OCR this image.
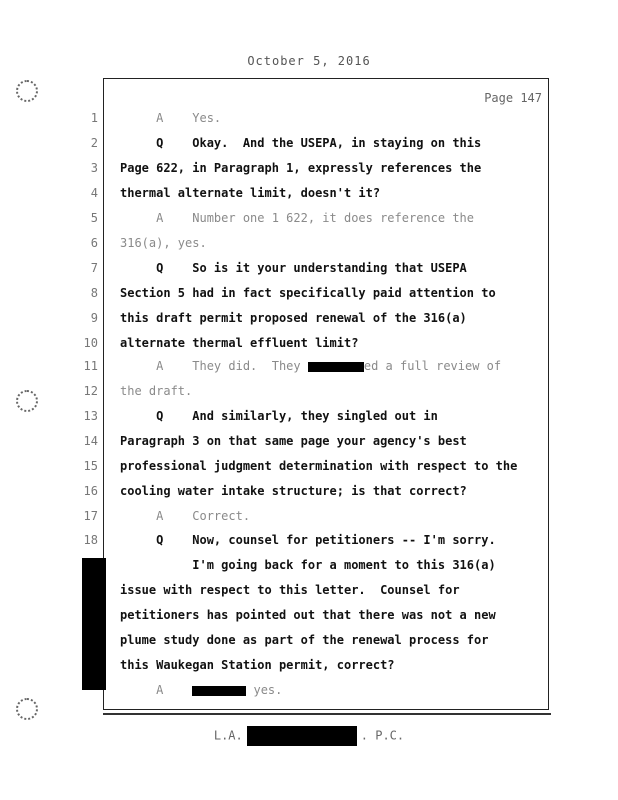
October 5, 2016
Page 147
1 A    Yes.
2 Q    Okay.  And the USEPA, in staying on this
3 Page 622, in Paragraph 1, expressly references the
4 thermal alternate limit, doesn't it?
5 A    Number one 1 622, it does reference the
6 316(a), yes.
7 Q    So is it your understanding that USEPA
8 Section 5 had in fact specifically paid attention to
9 this draft permit proposed renewal of the 316(a)
10 alternate thermal effluent limit?
11 A    They did.  They	ed a full review of
12 the draft.
13 Q    And similarly, they singled out in
14 Paragraph 3 on that same page your agency's best
15 professional judgment determination with respect to the
16 cooling water intake structure; is that correct?
17 A    Correct.
18 Q    Now, counsel for petitioners -- I'm sorry.
I'm going back for a moment to this 316(a)
issue with respect to this letter.  Counsel for
petitioners has pointed out that there was not a new
plume study done as part of the renewal process for
this Waukegan Station permit, correct?
A	yes.
L.A.	. P.C.
